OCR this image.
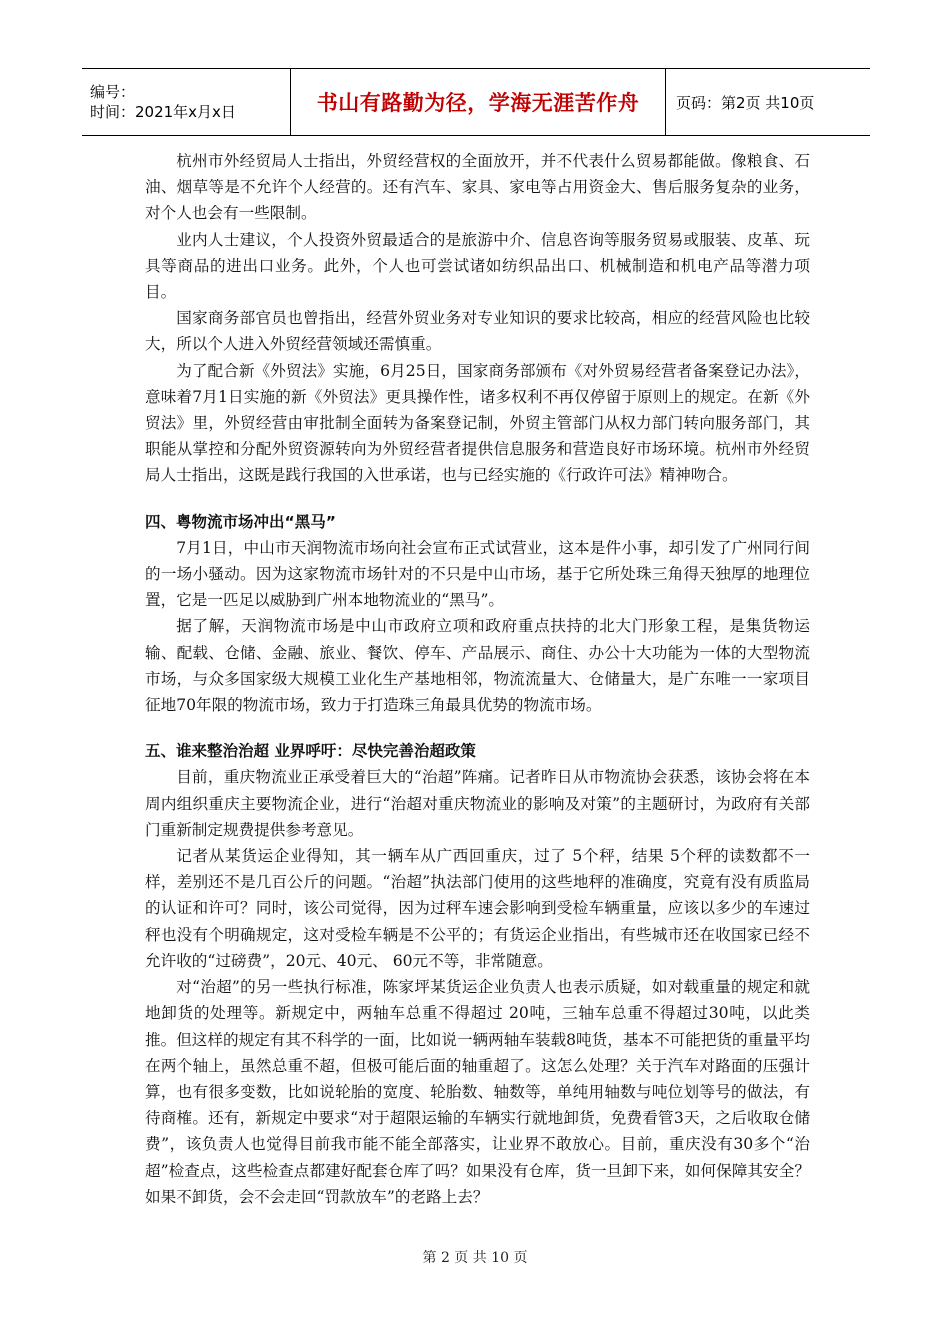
编号：
时间：2021年x月x日	书山有路勤为径，学海无涯苦作舟 页码：第2页 共10页

杭州市外经贸局人士指出，外贸经营权的全面放开，并不代表什么贸易都能做。像粮食、石油、烟草等是不允许个人经营的。还有汽车、家具、家电等占用资金大、售后服务复杂的业务，对个人也会有一些限制。

业内人士建议，个人投资外贸最适合的是旅游中介、信息咨询等服务贸易或服装、皮革、玩具等商品的进出口业务。此外，个人也可尝试诸如纺织品出口、机械制造和机电产品等潜力项目。

国家商务部官员也曾指出，经营外贸业务对专业知识的要求比较高，相应的经营风险也比较大，所以个人进入外贸经营领域还需慎重。

为了配合新《外贸法》实施，6月25日，国家商务部颁布《对外贸易经营者备案登记办法》，意味着7月1日实施的新《外贸法》更具操作性，诸多权利不再仅停留于原则上的规定。在新《外贸法》里，外贸经营由审批制全面转为备案登记制，外贸主管部门从权力部门转向服务部门，其职能从掌控和分配外贸资源转向为外贸经营者提供信息服务和营造良好市场环境。杭州市外经贸局人士指出，这既是践行我国的入世承诺，也与已经实施的《行政许可法》精神吻合。

四、粤物流市场冲出“黑马”

7月1日，中山市天润物流市场向社会宣布正式试营业，这本是件小事，却引发了广州同行间的一场小骚动。因为这家物流市场针对的不只是中山市场，基于它所处珠三角得天独厚的地理位置，它是一匹足以威胁到广州本地物流业的“黑马”。

据了解，天润物流市场是中山市政府立项和政府重点扶持的北大门形象工程，是集货物运输、配载、仓储、金融、旅业、餐饮、停车、产品展示、商住、办公十大功能为一体的大型物流市场，与众多国家级大规模工业化生产基地相邻，物流流量大、仓储量大，是广东唯一一家项目征地70年限的物流市场，致力于打造珠三角最具优势的物流市场。

五、谁来整治治超 业界呼吁：尽快完善治超政策

目前，重庆物流业正承受着巨大的“治超”阵痛。记者昨日从市物流协会获悉，该协会将在本周内组织重庆主要物流企业，进行“治超对重庆物流业的影响及对策”的主题研讨，为政府有关部门重新制定规费提供参考意见。

记者从某货运企业得知，其一辆车从广西回重庆，过了 5个秤，结果 5个秤的读数都不一样，差别还不是几百公斤的问题。“治超”执法部门使用的这些地秤的准确度，究竟有没有质监局的认证和许可？同时，该公司觉得，因为过秤车速会影响到受检车辆重量，应该以多少的车速过秤也没有个明确规定，这对受检车辆是不公平的；有货运企业指出，有些城市还在收国家已经不允许收的“过磅费”，20元、40元、 60元不等，非常随意。

对“治超”的另一些执行标准，陈家坪某货运企业负责人也表示质疑，如对载重量的规定和就地卸货的处理等。新规定中，两轴车总重不得超过 20吨，三轴车总重不得超过30吨，以此类推。但这样的规定有其不科学的一面，比如说一辆两轴车装载8吨货，基本不可能把货的重量平均在两个轴上，虽然总重不超，但极可能后面的轴重超了。这怎么处理？关于汽车对路面的压强计算，也有很多变数，比如说轮胎的宽度、轮胎数、轴数等，单纯用轴数与吨位划等号的做法，有待商榷。还有，新规定中要求“对于超限运输的车辆实行就地卸货，免费看管3天，之后收取仓储费”，该负责人也觉得目前我市能不能全部落实，让业界不敢放心。目前，重庆没有30多个“治超”检查点，这些检查点都建好配套仓库了吗？如果没有仓库，货一旦卸下来，如何保障其安全？如果不卸货，会不会走回“罚款放车”的老路上去？

第 2 页 共 10 页
